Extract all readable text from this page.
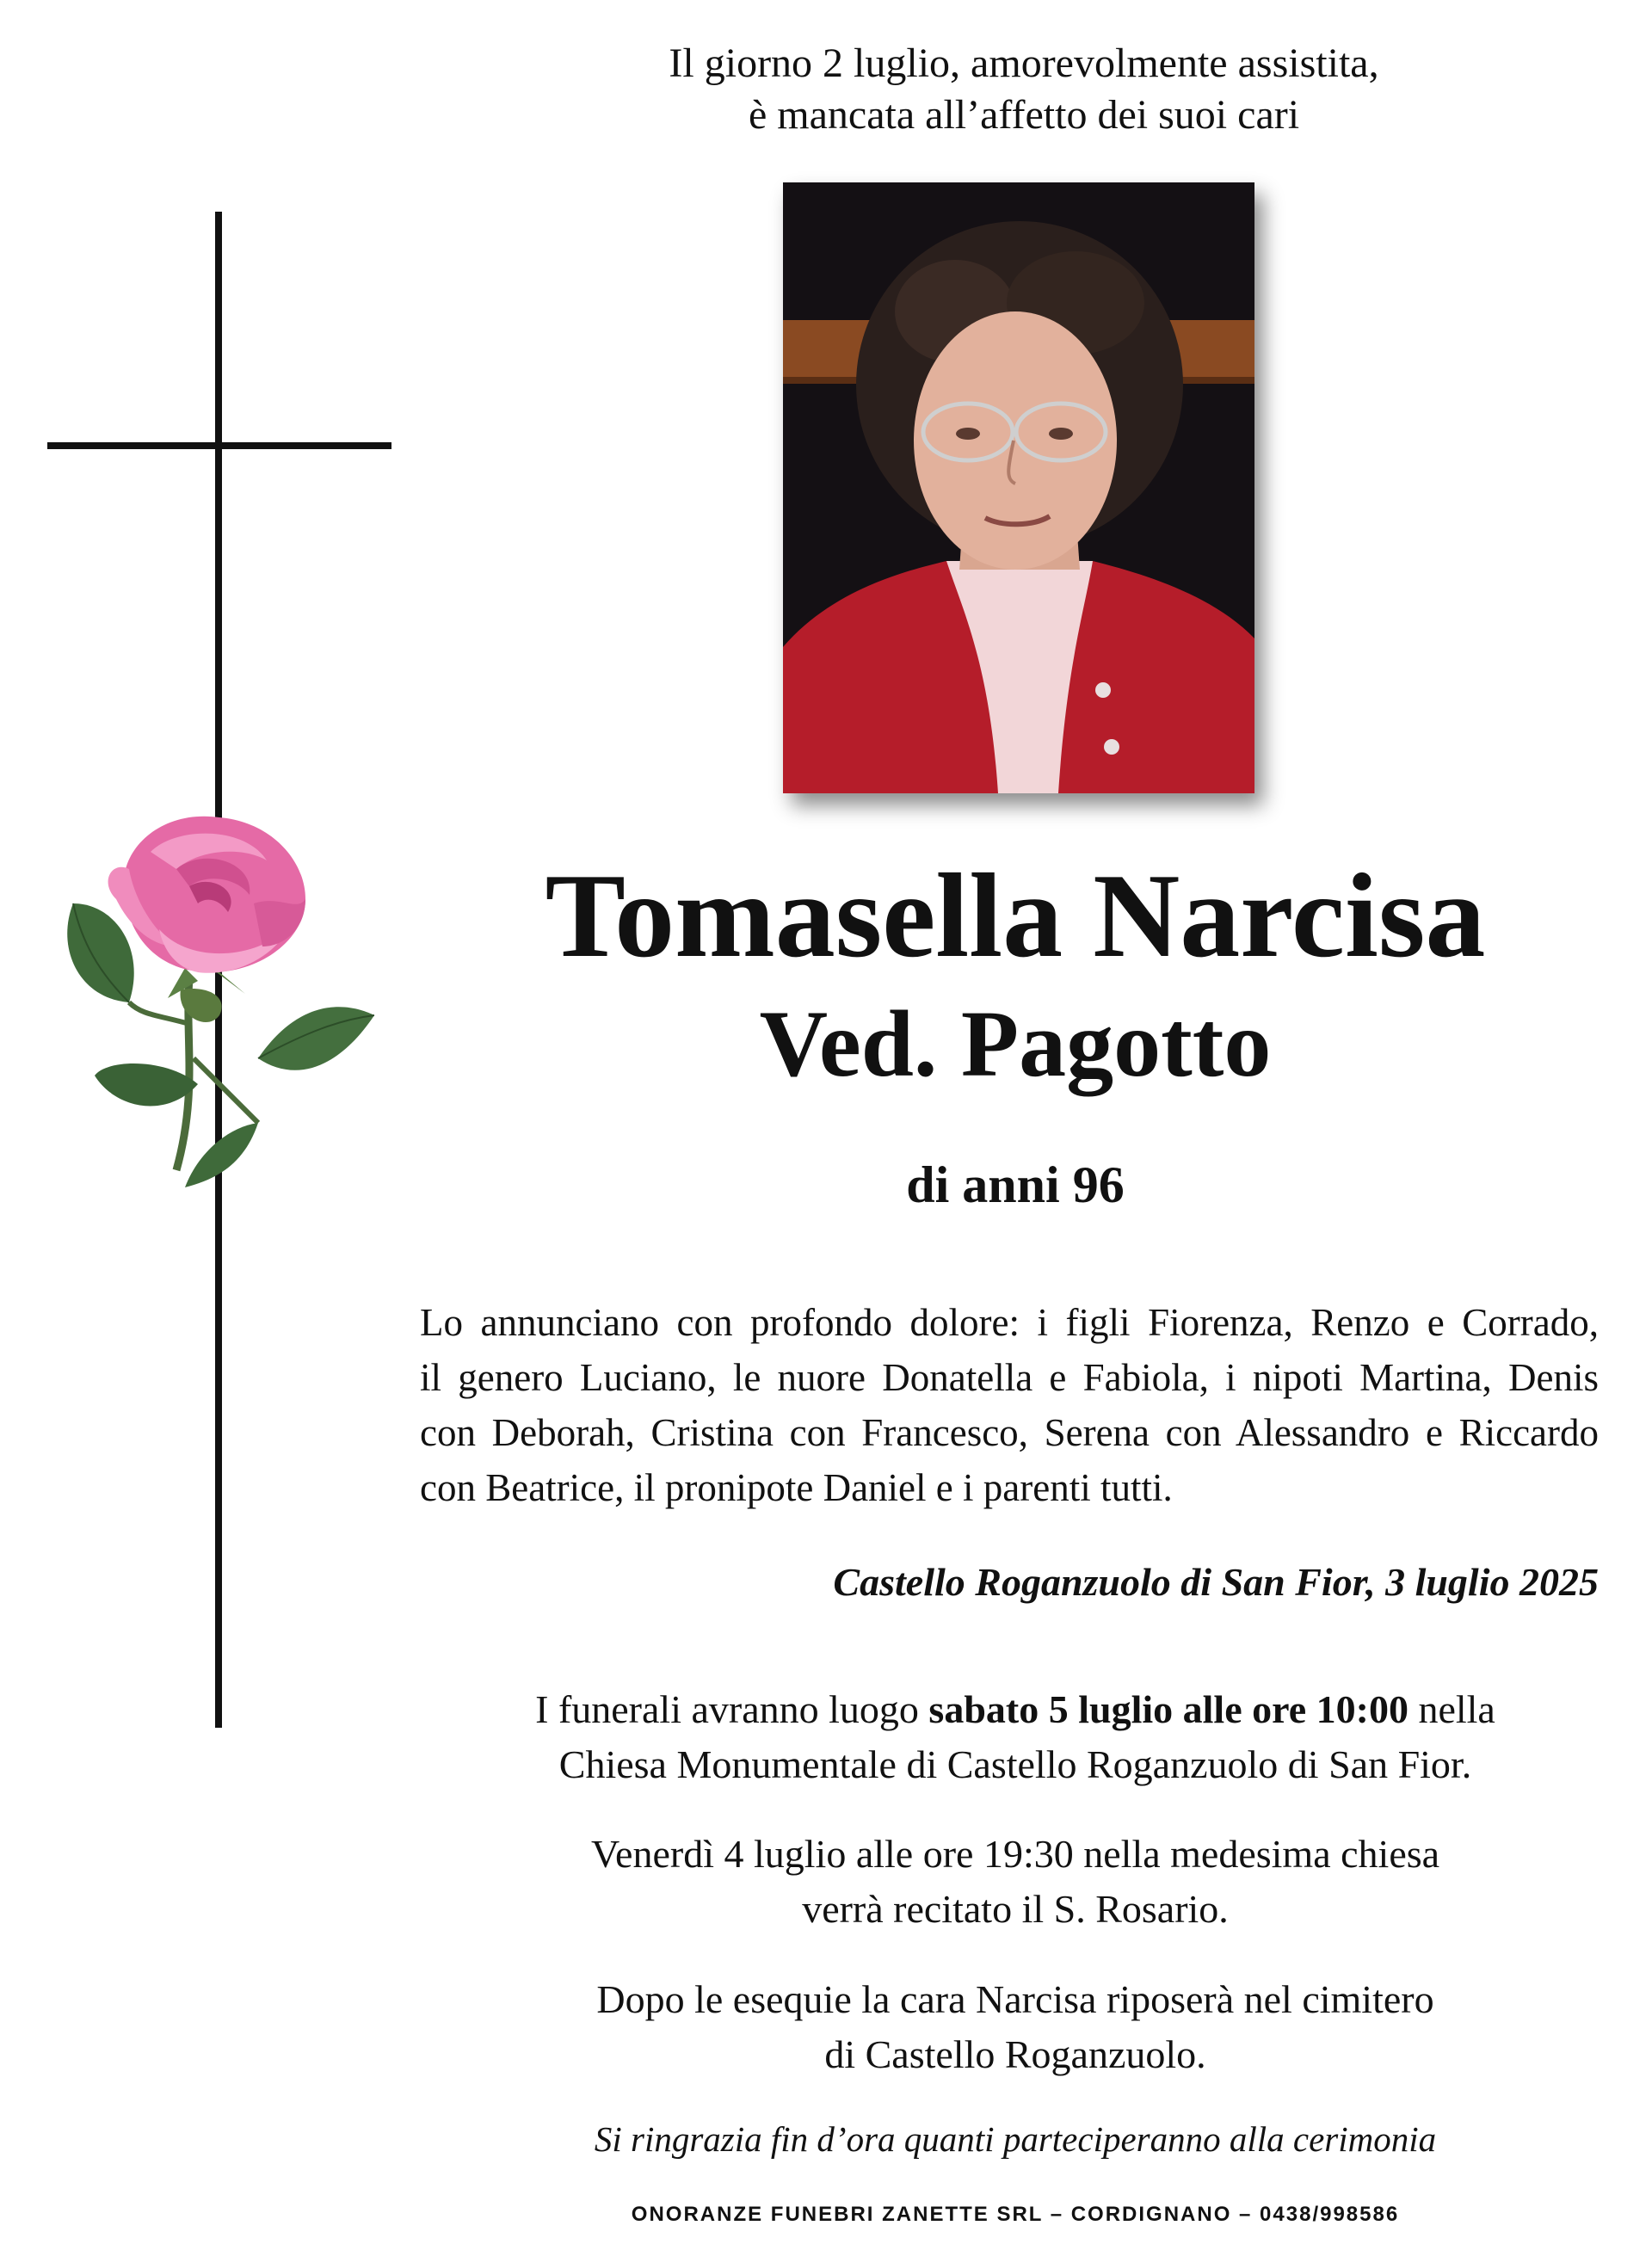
Il giorno 2 luglio, amorevolmente assistita,
è mancata all’affetto dei suoi cari
Tomasella Narcisa
Ved. Pagotto
di anni 96
Lo annunciano con profondo dolore: i figli Fiorenza, Renzo e Corrado,
il genero Luciano, le nuore Donatella e Fabiola, i nipoti Martina, Denis
con Deborah, Cristina con Francesco, Serena con Alessandro e Riccardo
con Beatrice, il pronipote Daniel e i parenti tutti.
Castello Roganzuolo di San Fior, 3 luglio 2025
I funerali avranno luogo sabato 5 luglio alle ore 10:00 nella
Chiesa Monumentale di Castello Roganzuolo di San Fior.
Venerdì 4 luglio alle ore 19:30 nella medesima chiesa
verrà recitato il S. Rosario.
Dopo le esequie la cara Narcisa riposerà nel cimitero
di Castello Roganzuolo.
Si ringrazia fin d’ora quanti parteciperanno alla cerimonia
ONORANZE FUNEBRI ZANETTE SRL – CORDIGNANO – 0438/998586
